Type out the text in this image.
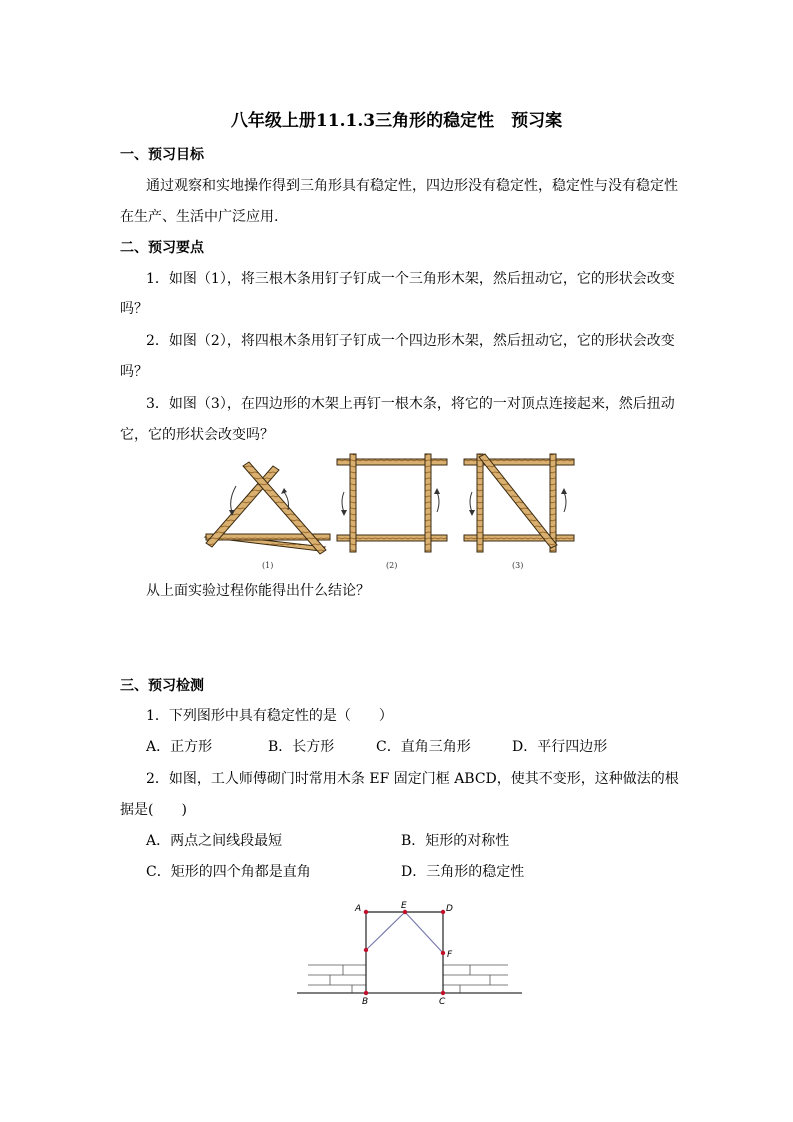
八年级上册11.1.3三角形的稳定性　预习案
一、预习目标
通过观察和实地操作得到三角形具有稳定性，四边形没有稳定性，稳定性与没有稳定性
在生产、生活中广泛应用.
二、预习要点
1．如图（1），将三根木条用钉子钉成一个三角形木架，然后扭动它，它的形状会改变
吗？
2．如图（2），将四根木条用钉子钉成一个四边形木架，然后扭动它，它的形状会改变
吗？
3．如图（3），在四边形的木架上再钉一根木条，将它的一对顶点连接起来，然后扭动
它，它的形状会改变吗？
(1)	(2)	(3)
从上面实验过程你能得出什么结论？
三、预习检测
1．下列图形中具有稳定性的是（　　）
A．正方形	B．长方形	C．直角三角形	D．平行四边形
2．如图，工人师傅砌门时常用木条 EF 固定门框 ABCD，使其不变形，这种做法的根
据是(　　)
A．两点之间线段最短	B．矩形的对称性
C．矩形的四个角都是直角	D．三角形的稳定性
A	E	D
F
B	C
